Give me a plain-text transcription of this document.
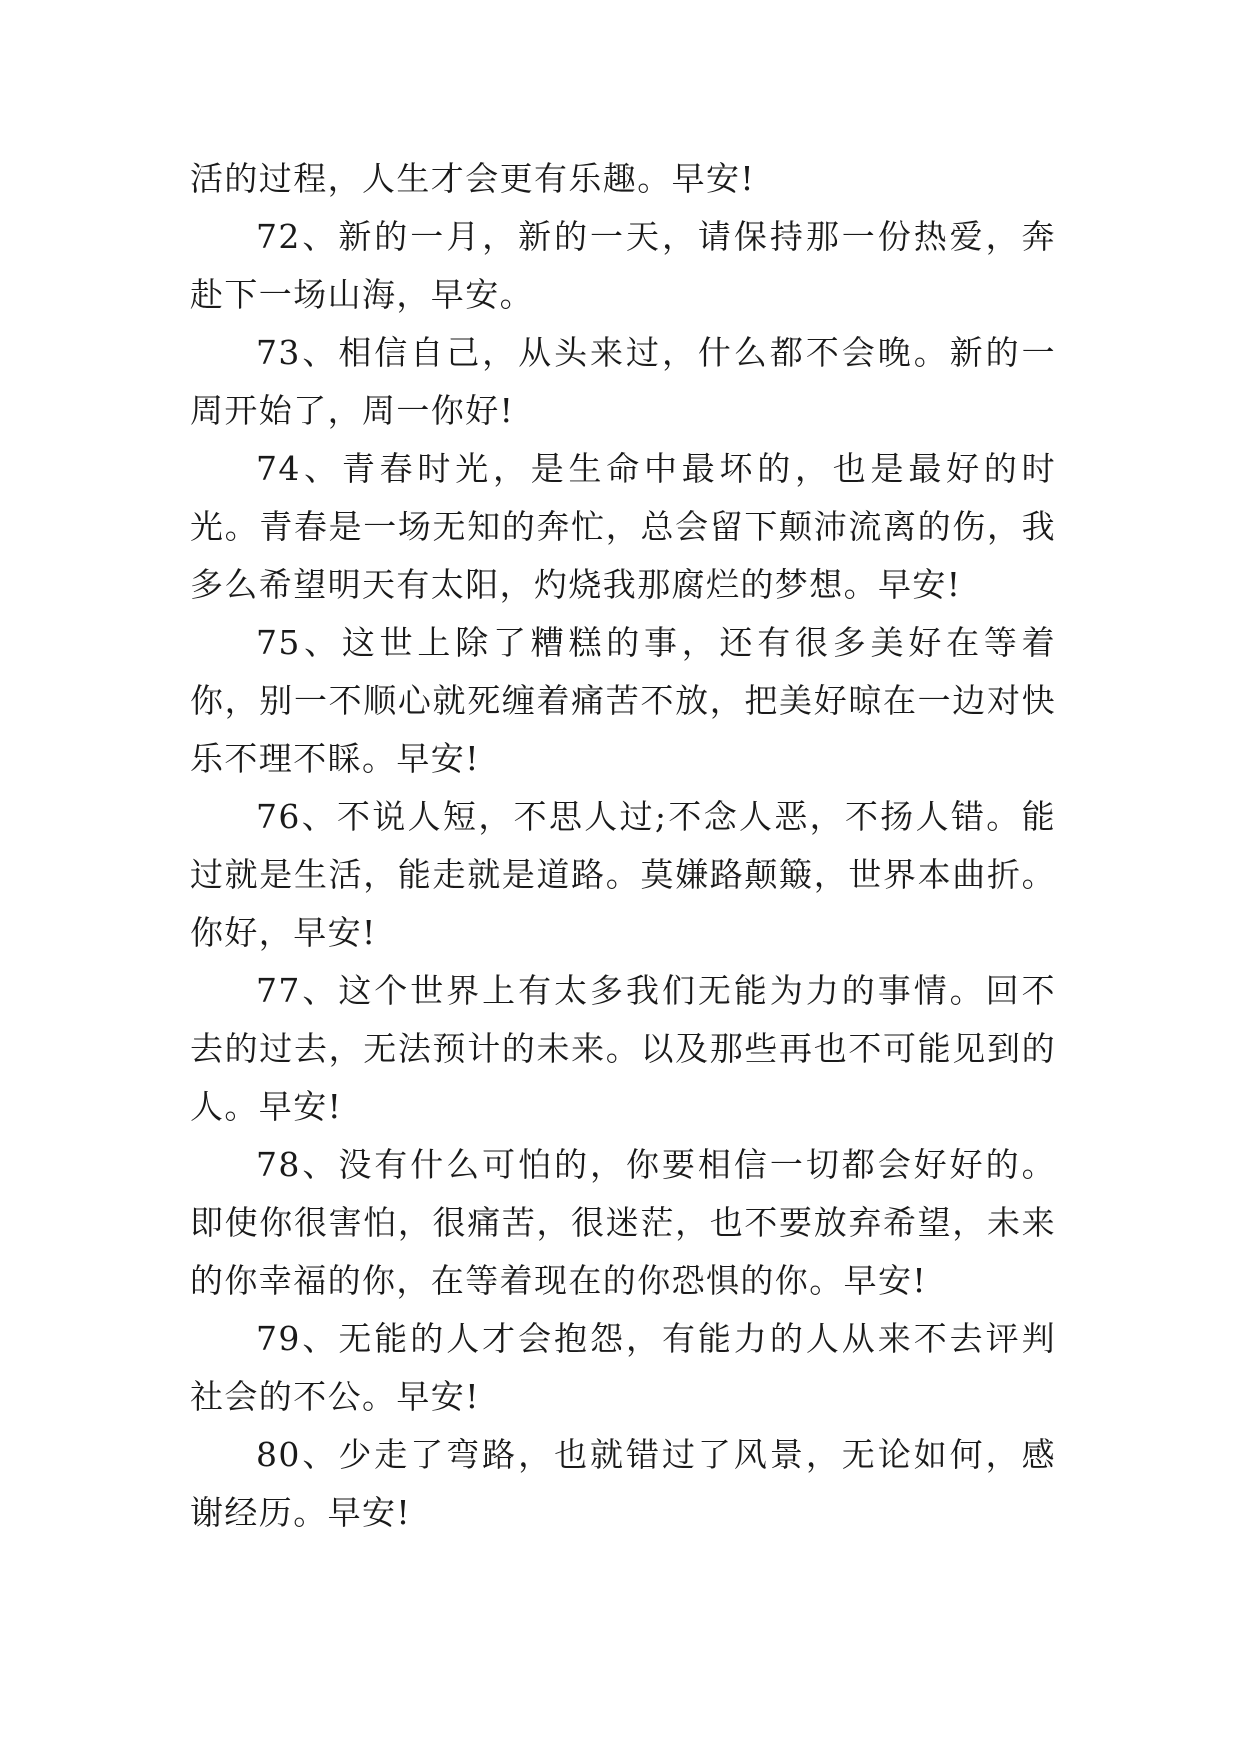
活的过程，人生才会更有乐趣。早安!

72、新的一月，新的一天，请保持那一份热爱，奔赴下一场山海，早安。

73、相信自己，从头来过，什么都不会晚。新的一周开始了，周一你好!

74、青春时光，是生命中最坏的，也是最好的时光。青春是一场无知的奔忙，总会留下颠沛流离的伤，我多么希望明天有太阳，灼烧我那腐烂的梦想。早安!

75、这世上除了糟糕的事，还有很多美好在等着你，别一不顺心就死缠着痛苦不放，把美好晾在一边对快乐不理不睬。早安!

76、不说人短，不思人过;不念人恶，不扬人错。能过就是生活，能走就是道路。莫嫌路颠簸，世界本曲折。你好，早安!

77、这个世界上有太多我们无能为力的事情。回不去的过去，无法预计的未来。以及那些再也不可能见到的人。早安!

78、没有什么可怕的，你要相信一切都会好好的。即使你很害怕，很痛苦，很迷茫，也不要放弃希望，未来的你幸福的你，在等着现在的你恐惧的你。早安!

79、无能的人才会抱怨，有能力的人从来不去评判社会的不公。早安!

80、少走了弯路，也就错过了风景，无论如何，感谢经历。早安!
